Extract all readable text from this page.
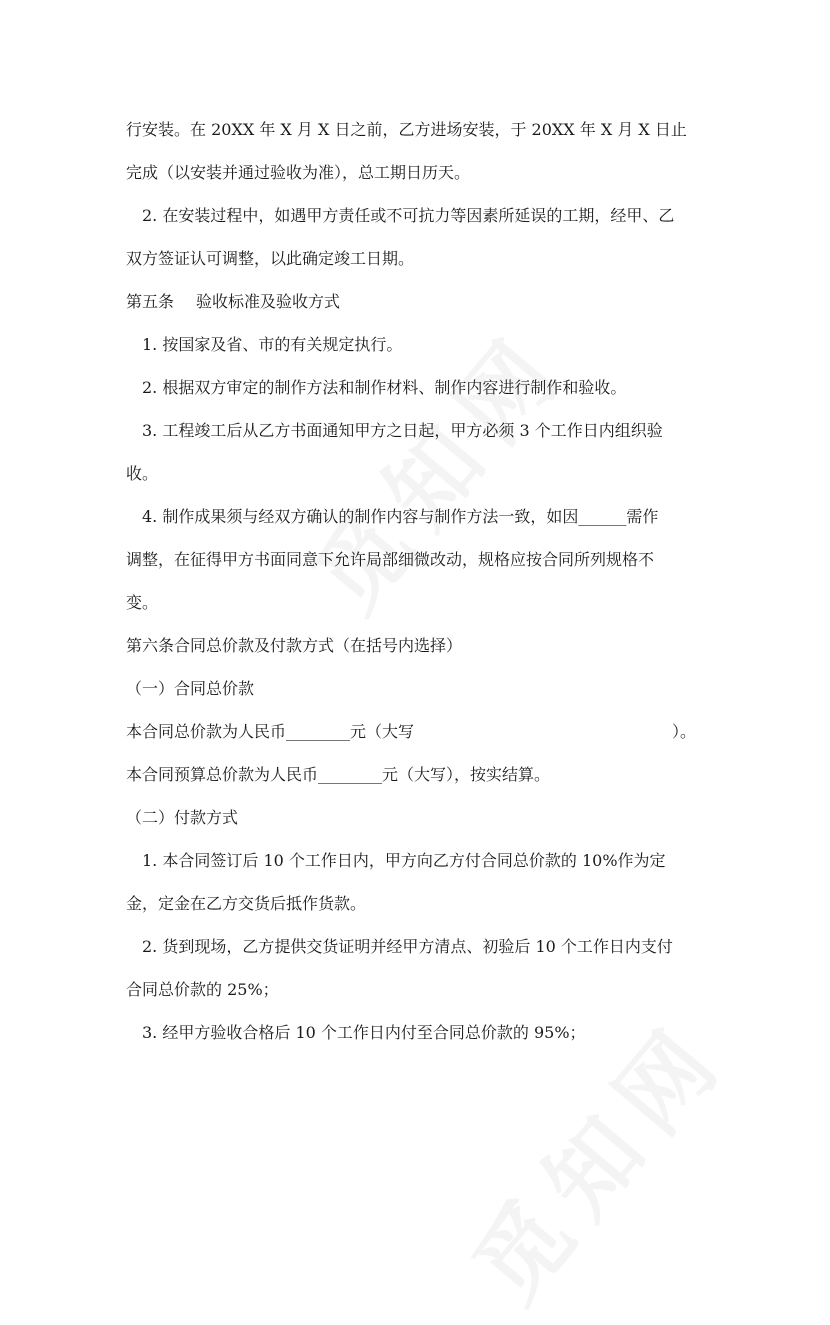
行安装。在 20XX 年 X 月 X 日之前，乙方进场安装，于 20XX 年 X 月 X 日止
完成（以安装并通过验收为准），总工期日历天。
2. 在安装过程中，如遇甲方责任或不可抗力等因素所延误的工期，经甲、乙
双方签证认可调整，以此确定竣工日期。
第五条 验收标准及验收方式
1. 按国家及省、市的有关规定执行。
2. 根据双方审定的制作方法和制作材料、制作内容进行制作和验收。
3. 工程竣工后从乙方书面通知甲方之日起，甲方必须 3 个工作日内组织验
收。
4. 制作成果须与经双方确认的制作内容与制作方法一致，如因______需作
调整，在征得甲方书面同意下允许局部细微改动，规格应按合同所列规格不
变。
第六条合同总价款及付款方式（在括号内选择）
（一）合同总价款
本合同总价款为人民币________元（大写	）。
本合同预算总价款为人民币________元（大写），按实结算。
（二）付款方式
1. 本合同签订后 10 个工作日内，甲方向乙方付合同总价款的 10%作为定
金，定金在乙方交货后抵作货款。
2. 货到现场，乙方提供交货证明并经甲方清点、初验后 10 个工作日内支付
合同总价款的 25%；
3. 经甲方验收合格后 10 个工作日内付至合同总价款的 95%；
